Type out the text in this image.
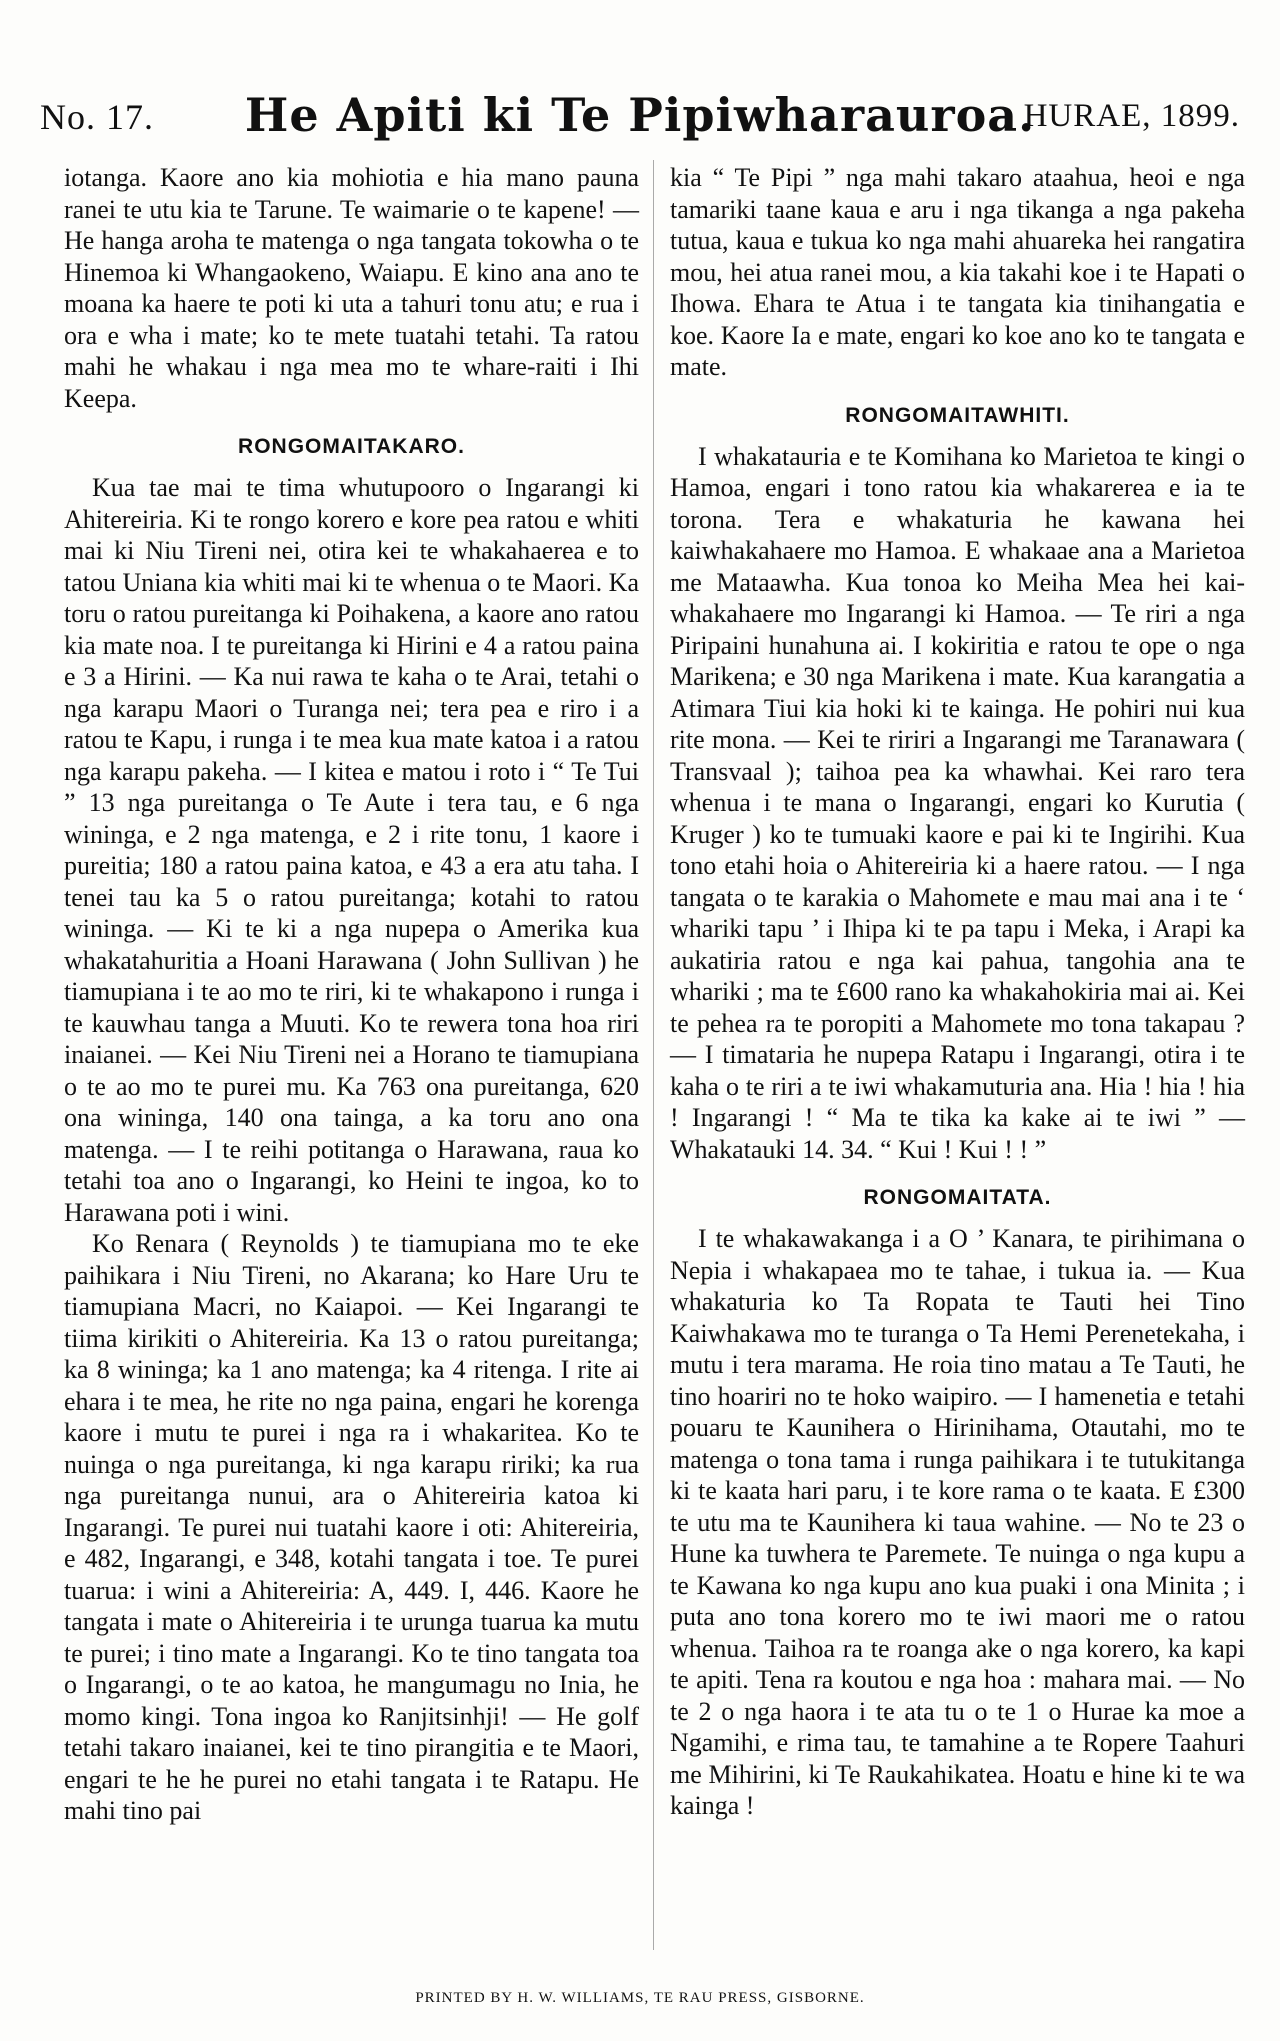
No. 17.	He Apiti ki Te Pipiwharauroa.
HURAE, 1899.

iotanga. Kaore ano kia mohiotia e hia mano pauna ranei te utu kia te Tarune. Te waimarie o te kapene! — He hanga aroha te matenga o nga tangata tokowha o te Hinemoa ki Whangaokeno, Waiapu. E kino ana ano te moana ka haere te poti ki uta a tahuri tonu atu; e rua i ora e wha i mate; ko te mete tuatahi tetahi. Ta ratou mahi he whakau i nga mea mo te whare-raiti i Ihi Keepa.

RONGOMAITAKARO.

Kua tae mai te tima whutupooro o Ingarangi ki Ahitereiria. Ki te rongo korero e kore pea ratou e whiti mai ki Niu Tireni nei, otira kei te whakahaerea e to tatou Uniana kia whiti mai ki te whenua o te Maori. Ka toru o ratou pureitanga ki Poihakena, a kaore ano ratou kia mate noa. I te pureitanga ki Hirini e 4 a ratou paina e 3 a Hirini. — Ka nui rawa te kaha o te Arai, tetahi o nga karapu Maori o Turanga nei; tera pea e riro i a ratou te Kapu, i runga i te mea kua mate katoa i a ratou nga karapu pakeha. — I kitea e matou i roto i “ Te Tui ” 13 nga pureitanga o Te Aute i tera tau, e 6 nga wininga, e 2 nga matenga, e 2 i rite tonu, 1 kaore i pureitia; 180 a ratou paina katoa, e 43 a era atu taha. I tenei tau ka 5 o ratou pureitanga; kotahi to ratou wininga. — Ki te ki a nga nupepa o Amerika kua whakatahuritia a Hoani Harawana ( John Sullivan ) he tiamupiana i te ao mo te riri, ki te whakapono i runga i te kauwhau tanga a Muuti. Ko te rewera tona hoa riri inaianei. — Kei Niu Tireni nei a Horano te tiamupiana o te ao mo te purei mu. Ka 763 ona pureitanga, 620 ona wininga, 140 ona tainga, a ka toru ano ona matenga. — I te reihi potitanga o Harawana, raua ko tetahi toa ano o Ingarangi, ko Heini te ingoa, ko to Harawana poti i wini.

Ko Renara ( Reynolds ) te tiamupiana mo te eke paihikara i Niu Tireni, no Akarana; ko Hare Uru te tiamupiana Macri, no Kaiapoi. — Kei Ingarangi te tiima kirikiti o Ahitereiria. Ka 13 o ratou pureitanga; ka 8 wininga; ka 1 ano matenga; ka 4 ritenga. I rite ai ehara i te mea, he rite no nga paina, engari he korenga kaore i mutu te purei i nga ra i whakaritea. Ko te nuinga o nga pureitanga, ki nga karapu ririki; ka rua nga pureitanga nunui, ara o Ahitereiria katoa ki Ingarangi. Te purei nui tuatahi kaore i oti: Ahitereiria, e 482, Ingarangi, e 348, kotahi tangata i toe. Te purei tuarua: i wini a Ahitereiria: A, 449. I, 446. Kaore he tangata i mate o Ahitereiria i te urunga tuarua ka mutu te purei; i tino mate a Ingarangi. Ko te tino tangata toa o Ingarangi, o te ao katoa, he mangumagu no Inia, he momo kingi. Tona ingoa ko Ranjitsinhji! — He golf tetahi takaro inaianei, kei te tino pirangitia e te Maori, engari te he he purei no etahi tangata i te Ratapu. He mahi tino pai

kia “ Te Pipi ” nga mahi takaro ataahua, heoi e nga tamariki taane kaua e aru i nga tikanga a nga pakeha tutua, kaua e tukua ko nga mahi ahuareka hei rangatira mou, hei atua ranei mou, a kia takahi koe i te Hapati o Ihowa. Ehara te Atua i te tangata kia tinihangatia e koe. Kaore Ia e mate, engari ko koe ano ko te tangata e mate.

RONGOMAITAWHITI.

I whakatauria e te Komihana ko Marietoa te kingi o Hamoa, engari i tono ratou kia whakarerea e ia te torona. Tera e whakaturia he kawana hei kaiwhakahaere mo Hamoa. E whakaae ana a Marietoa me Mataawha. Kua tonoa ko Meiha Mea hei kai-whakahaere mo Ingarangi ki Hamoa. — Te riri a nga Piripaini hunahuna ai. I kokiritia e ratou te ope o nga Marikena; e 30 nga Marikena i mate. Kua karangatia a Atimara Tiui kia hoki ki te kainga. He pohiri nui kua rite mona. — Kei te ririri a Ingarangi me Taranawara ( Transvaal ); taihoa pea ka whawhai. Kei raro tera whenua i te mana o Ingarangi, engari ko Kurutia ( Kruger ) ko te tumuaki kaore e pai ki te Ingirihi. Kua tono etahi hoia o Ahitereiria ki a haere ratou. — I nga tangata o te karakia o Mahomete e mau mai ana i te ‘ whariki tapu ’ i Ihipa ki te pa tapu i Meka, i Arapi ka aukatiria ratou e nga kai pahua, tangohia ana te whariki ; ma te £600 rano ka whakahokiria mai ai. Kei te pehea ra te poropiti a Mahomete mo tona takapau ? — I timataria he nupepa Ratapu i Ingarangi, otira i te kaha o te riri a te iwi whakamuturia ana. Hia ! hia ! hia ! Ingarangi ! “ Ma te tika ka kake ai te iwi ” — Whakatauki 14. 34. “ Kui ! Kui ! ! ”

RONGOMAITATA.

I te whakawakanga i a O ’ Kanara, te pirihimana o Nepia i whakapaea mo te tahae, i tukua ia. — Kua whakaturia ko Ta Ropata te Tauti hei Tino Kaiwhakawa mo te turanga o Ta Hemi Perenetekaha, i mutu i tera marama. He roia tino matau a Te Tauti, he tino hoariri no te hoko waipiro. — I hamenetia e tetahi pouaru te Kaunihera o Hirinihama, Otautahi, mo te matenga o tona tama i runga paihikara i te tutukitanga ki te kaata hari paru, i te kore rama o te kaata. E £300 te utu ma te Kaunihera ki taua wahine. — No te 23 o Hune ka tuwhera te Paremete. Te nuinga o nga kupu a te Kawana ko nga kupu ano kua puaki i ona Minita ; i puta ano tona korero mo te iwi maori me o ratou whenua. Taihoa ra te roanga ake o nga korero, ka kapi te apiti. Tena ra koutou e nga hoa : mahara mai. — No te 2 o nga haora i te ata tu o te 1 o Hurae ka moe a Ngamihi, e rima tau, te tamahine a te Ropere Taahuri me Mihirini, ki Te Raukahikatea. Hoatu e hine ki te wa kainga !

PRINTED BY H. W. WILLIAMS, TE RAU PRESS, GISBORNE.
